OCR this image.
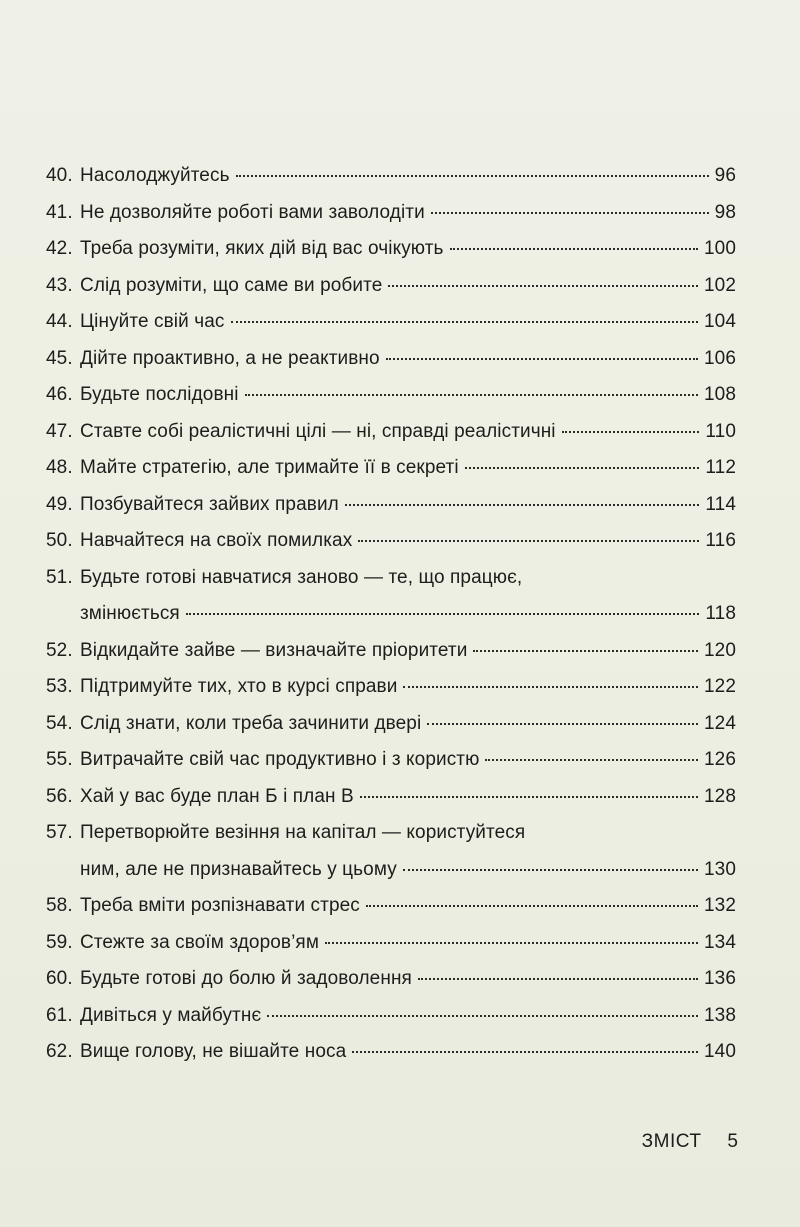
40. Насолоджуйтесь	96
41. Не дозволяйте роботі вами заволодіти	98
42. Треба розуміти, яких дій від вас очікують	100
43. Слід розуміти, що саме ви робите	102
44. Цінуйте свій час	104
45. Дійте проактивно, а не реактивно	106
46. Будьте послідовні	108
47. Ставте собі реалістичні цілі — ні, справді реалістичні	110
48. Майте стратегію, але тримайте її в секреті	112
49. Позбувайтеся зайвих правил	114
50. Навчайтеся на своїх помилках	116
51. Будьте готові навчатися заново — те, що працює,
змінюється	118
52. Відкидайте зайве — визначайте пріоритети	120
53. Підтримуйте тих, хто в курсі справи	122
54. Слід знати, коли треба зачинити двері	124
55. Витрачайте свій час продуктивно і з користю	126
56. Хай у вас буде план Б і план В	128
57. Перетворюйте везіння на капітал — користуйтеся
ним, але не признавайтесь у цьому	130
58. Треба вміти розпізнавати стрес	132
59. Стежте за своїм здоров’ям	134
60. Будьте готові до болю й задоволення	136
61. Дивіться у майбутнє	138
62. Вище голову, не вішайте носа	140
ЗМІСТ 5
